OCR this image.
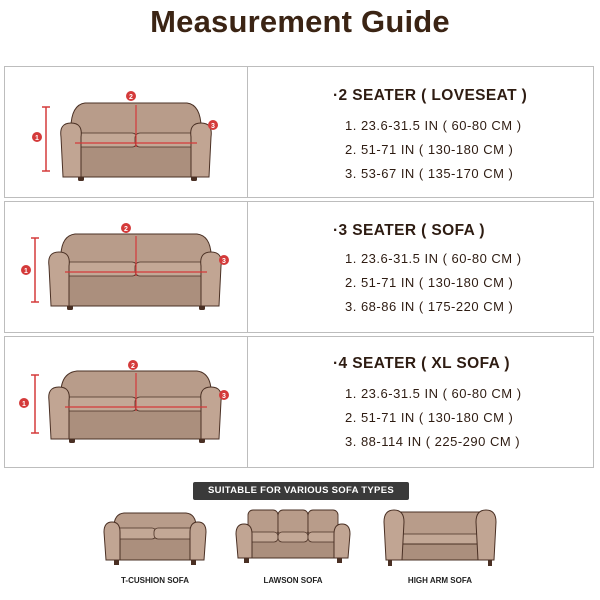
Measurement Guide
1
2
3
·2 SEATER ( LOVESEAT )
1. 23.6-31.5 IN ( 60-80 CM )
2. 51-71 IN ( 130-180 CM )
3. 53-67 IN ( 135-170 CM )
1
2
3
·3 SEATER ( SOFA )
1. 23.6-31.5 IN ( 60-80 CM )
2. 51-71 IN ( 130-180 CM )
3. 68-86 IN ( 175-220 CM )
1
2
3
·4 SEATER ( XL SOFA )
1. 23.6-31.5 IN ( 60-80 CM )
2. 51-71 IN ( 130-180 CM )
3. 88-114 IN ( 225-290 CM )
SUITABLE FOR VARIOUS SOFA TYPES
T-CUSHION SOFA	LAWSON SOFA	HIGH ARM SOFA
